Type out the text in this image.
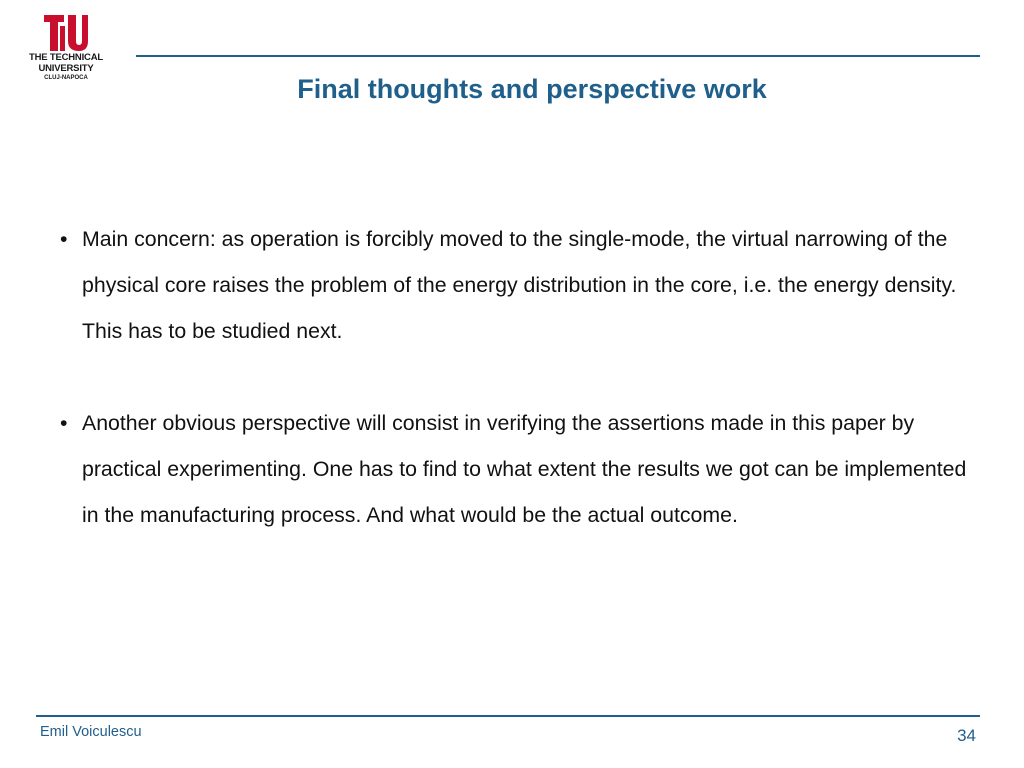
THE TECHNICAL
UNIVERSITY
CLUJ-NAPOCA	Final thoughts and perspective work
• Main concern: as operation is forcibly moved to the single-mode, the virtual narrowing of the physical core raises the problem of the energy distribution in the core, i.e. the energy density. This has to be studied next.
• Another obvious perspective will consist in verifying the assertions made in this paper by practical experimenting. One has to find to what extent the results we got can be implemented in the manufacturing process. And what would be the actual outcome.
Emil Voiculescu	34
